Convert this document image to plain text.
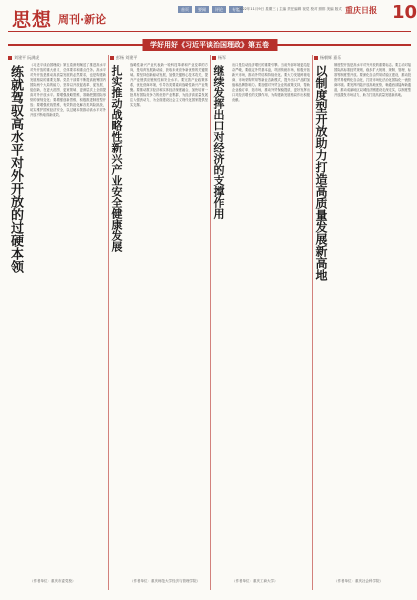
思想 周刊·新论
首页	要闻	评论	专题
2022年11月9日 星期三 | 主编 责任编辑 视觉 校对 照排 美编 版式 重庆日报 10
学好用好《习近平谈治国理政》第五卷
刘建平 阮满虎
练就驾驭高水平对外开放的过硬本领 《习近平谈治国理政》第五卷深刻阐述了推进高水平对外开放的重大意义、总体要求和重点任务。高水平对外开放是推动高质量发展的必然要求，也是构建新发展格局的重要支撑。党员干部要不断提高统筹国内国际两个大局的能力，坚持以开放促改革、促发展、促创新，在更大范围、更宽领域、更深层次上全面提高对外开放水平。要增强战略思维，准确把握国际形势的深刻变化；要增强创新思维，积极推进制度型开放；要增强底线思维，有效防范化解各类风险挑战，切实维护国家经济安全，以过硬本领推动高水平对外开放不断取得新成效。
（作者单位：重庆市委党校）
彭杨 刘建平
扎实推动战略性新兴产业安全健康发展 战略性新兴产业代表新一轮科技革命和产业变革的方向，是培育发展新动能、获取未来竞争新优势的关键领域。要坚持创新驱动发展，加强关键核心技术攻关，提升产业链供应链韧性和安全水平。要完善产业政策体系，优化营商环境，引导各类要素向战略性新兴产业集聚。要推动数字经济和实体经济深度融合，加快培育一批具有国际竞争力的优势产业集群，为经济高质量发展注入强劲动力，为全面建设社会主义现代化国家提供坚实支撑。
（作者单位：重庆师范大学经济与管理学院）
杨军
继续发挥出口对经济的支撑作用 出口是拉动经济增长的重要引擎。当前外部环境更趋复杂严峻，要稳定外贸基本盘，巩固传统市场，积极开拓新兴市场，推动外贸结构持续优化。要大力发展跨境电商、市场采购贸易等新业态新模式，提升出口产品附加值和品牌影响力。要加强对外贸企业的政策支持，帮助企业稳订单、拓市场，推动外贸保稳提质，更好发挥出口对经济增长的支撑作用，为构建新发展格局作出积极贡献。
（作者单位：重庆工商大学）
杨朝辉 嘉乐
以制度型开放助力打造高质量发展新高地 制度型开放是高水平对外开放的重要标志。要主动对接国际高标准经贸规则，稳步扩大规则、规制、管理、标准等制度型开放。要深化自由贸易试验区建设，推动投资贸易便利化自由化，打造市场化法治化国际化一流营商环境。要发挥内陆开放高地优势，畅通西部陆海新通道，推动成渝地区双城经济圈建设走深走实，以制度型开放激发市场活力，助力打造高质量发展新高地。
（作者单位：重庆社会科学院）
